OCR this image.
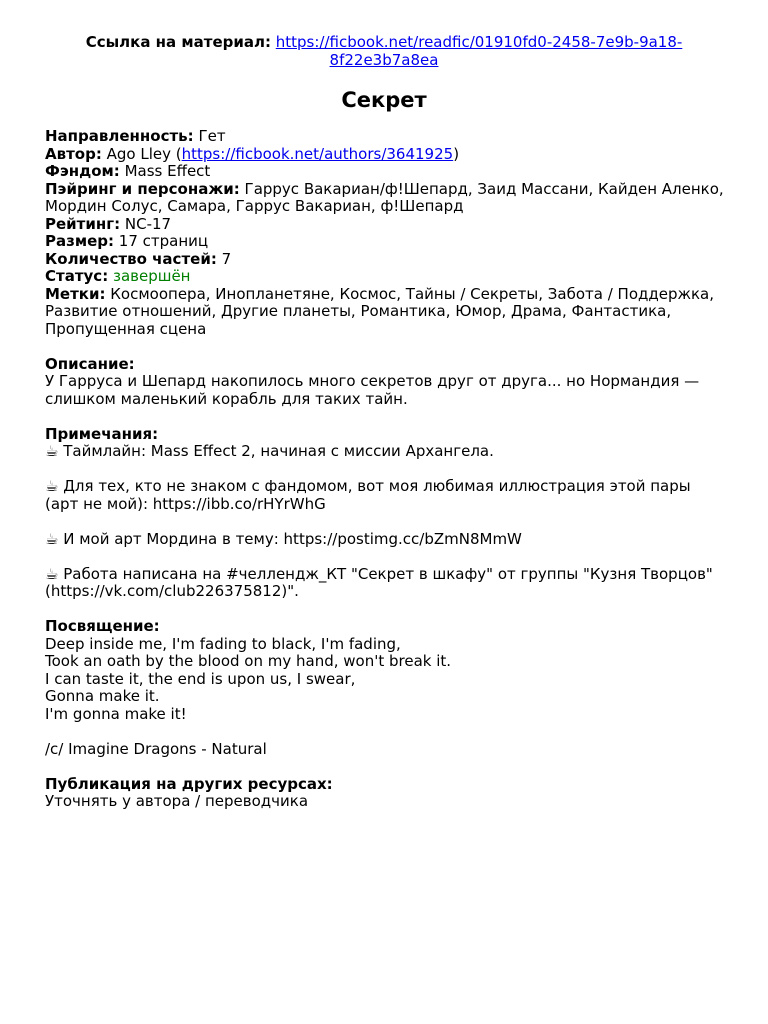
Ссылка на материал: https://ficbook.net/readfic/01910fd0-2458-7e9b-9a18-8f22e3b7a8ea
Секрет

Направленность: Гет

Автор: Ago Lley (https://ficbook.net/authors/3641925)

Фэндом: Mass Effect

Пэйринг и персонажи: Гаррус Вакариан/ф!Шепард, Заид Массани, Кайден Аленко, Мордин Солус, Самара, Гаррус Вакариан, ф!Шепард

Рейтинг: NC-17

Размер: 17 страниц

Количество частей: 7

Статус: завершён

Метки: Космоопера, Инопланетяне, Космос, Тайны / Секреты, Забота / Поддержка, Развитие отношений, Другие планеты, Романтика, Юмор, Драма, Фантастика, Пропущенная сцена

Описание:

У Гарруса и Шепард накопилось много секретов друг от друга... но Нормандия — слишком маленький корабль для таких тайн.

Примечания:

☕ Таймлайн: Mass Effect 2, начиная с миссии Архангела.

☕ Для тех, кто не знаком с фандомом, вот моя любимая иллюстрация этой пары (арт не мой): https://ibb.co/rHYrWhG

☕ И мой арт Мордина в тему: https://postimg.cc/bZmN8MmW

☕ Работа написана на #челлендж_КТ "Секрет в шкафу" от группы "Кузня Творцов" (https://vk.com/club226375812)".

Посвящение:

Deep inside me, I'm fading to black, I'm fading,

Took an oath by the blood on my hand, won't break it.

I can taste it, the end is upon us, I swear,

Gonna make it.

I'm gonna make it!

/c/ Imagine Dragons - Natural

Публикация на других ресурсах:

Уточнять у автора / переводчика
